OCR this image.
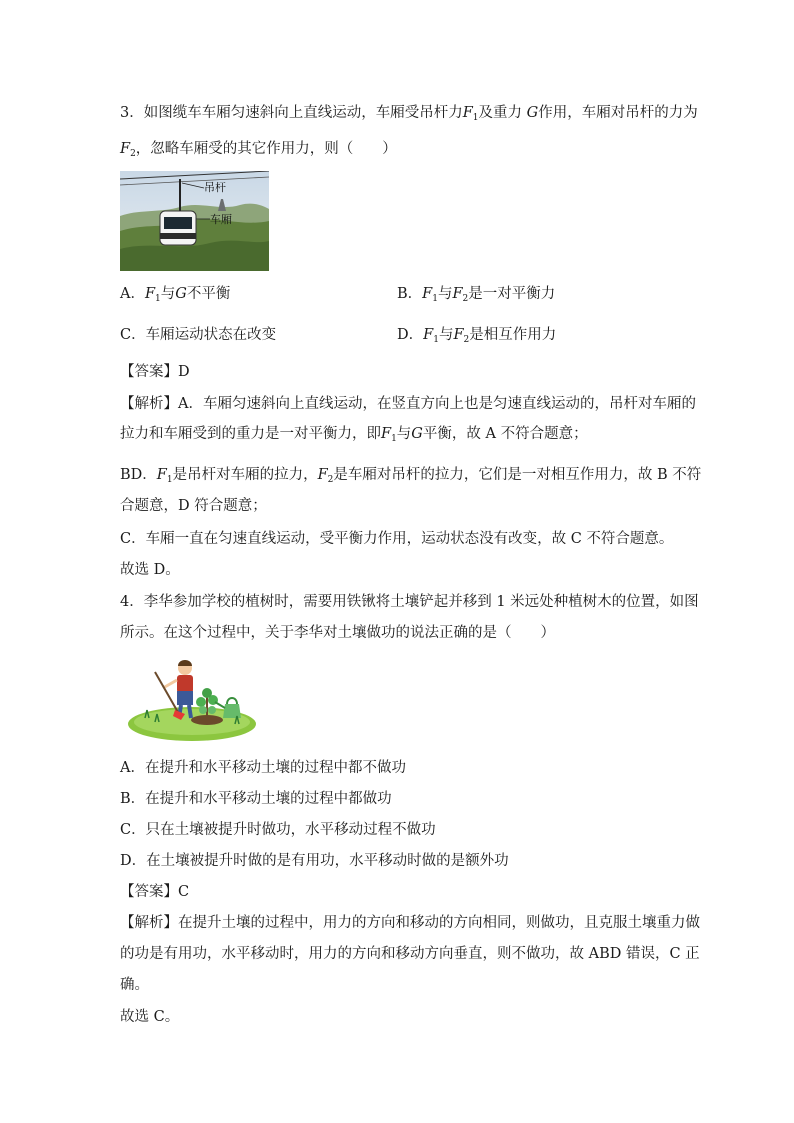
3．如图缆车车厢匀速斜向上直线运动，车厢受吊杆力$F_1$及重力 G作用，车厢对吊杆的力为
$F_2$，忽略车厢受的其它作用力，则（　　）
吊杆
车厢
A．$F_1$与G不平衡	B．$F_1$与$F_2$是一对平衡力
C．车厢运动状态在改变	D．$F_1$与$F_2$是相互作用力
【答案】D
【解析】A．车厢匀速斜向上直线运动，在竖直方向上也是匀速直线运动的，吊杆对车厢的
拉力和车厢受到的重力是一对平衡力，即$F_1$与G平衡，故 A 不符合题意；
BD．$F_1$是吊杆对车厢的拉力，$F_2$是车厢对吊杆的拉力，它们是一对相互作用力，故 B 不符
合题意，D 符合题意；
C．车厢一直在匀速直线运动，受平衡力作用，运动状态没有改变，故 C 不符合题意。
故选 D。
4．李华参加学校的植树时，需要用铁锹将土壤铲起并移到 1 米远处种植树木的位置，如图
所示。在这个过程中，关于李华对土壤做功的说法正确的是（　　）
A．在提升和水平移动土壤的过程中都不做功
B．在提升和水平移动土壤的过程中都做功
C．只在土壤被提升时做功，水平移动过程不做功
D．在土壤被提升时做的是有用功，水平移动时做的是额外功
【答案】C
【解析】在提升土壤的过程中，用力的方向和移动的方向相同，则做功，且克服土壤重力做
的功是有用功，水平移动时，用力的方向和移动方向垂直，则不做功，故 ABD 错误，C 正
确。
故选 C。
